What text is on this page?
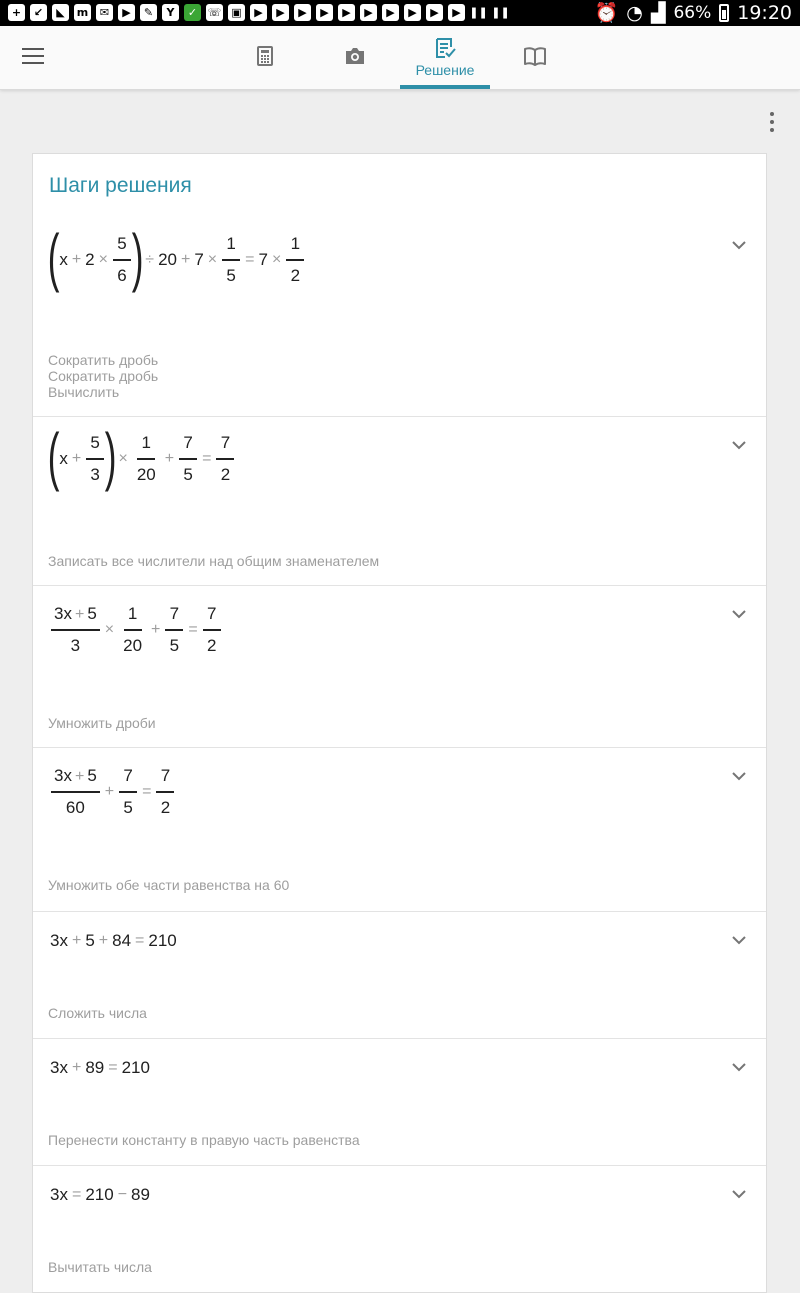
+	↙	◣	m	✉	▶	✎	Y	✓ ☏ ▣	▶	▶	▶	▶	▶	▶	▶	▶	▶	▶ ❚❚ ❚❚	⏰ ◔ ▟ 66% 19:20
Решение
Шаги решения
( $x + 2 \times \frac{5}{6}$ ) ÷ $20 + 7 \times \frac{1}{5} = 7 \times \frac{1}{2}$
Сократить дробь
Сократить дробь
Вычислить
( $x + \frac{5}{3}$ ) × $\frac{1}{20} + \frac{7}{5} = \frac{7}{2}$
Записать все числители над общим знаменателем
$\frac{3x + 5}{3} \times \frac{1}{20} + \frac{7}{5} = \frac{7}{2}$
Умножить дроби
$\frac{3x + 5}{60} + \frac{7}{5} = \frac{7}{2}$
Умножить обе части равенства на 60
3x + 5 + 84 = 210
Сложить числа
3x + 89 = 210
Перенести константу в правую часть равенства
3x = 210 − 89
Вычитать числа
